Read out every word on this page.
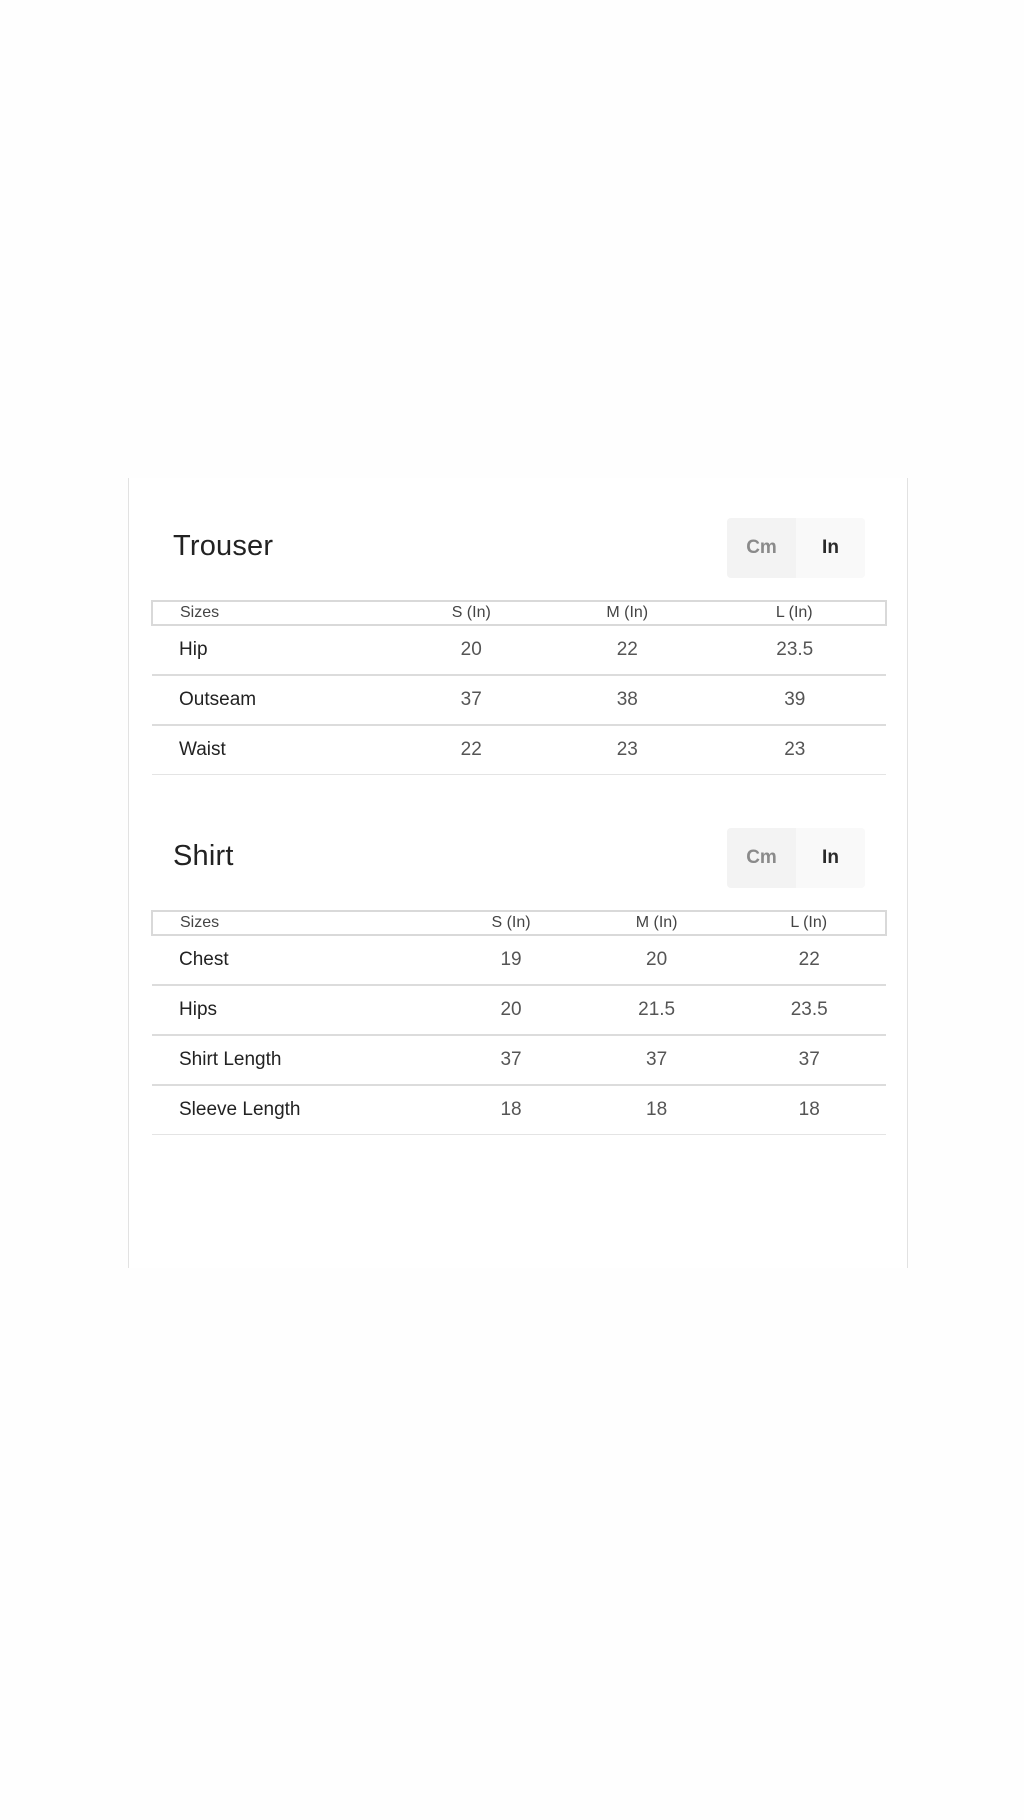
Trouser	Cm	In
Sizes	S (In)	M (In)	L (In)
Hip	20	22	23.5
Outseam	37	38	39
Waist	22	23	23
Shirt	Cm	In
Sizes	S (In)	M (In)	L (In)
Chest	19	20	22
Hips	20	21.5	23.5
Shirt Length	37	37	37
Sleeve Length	18	18	18
